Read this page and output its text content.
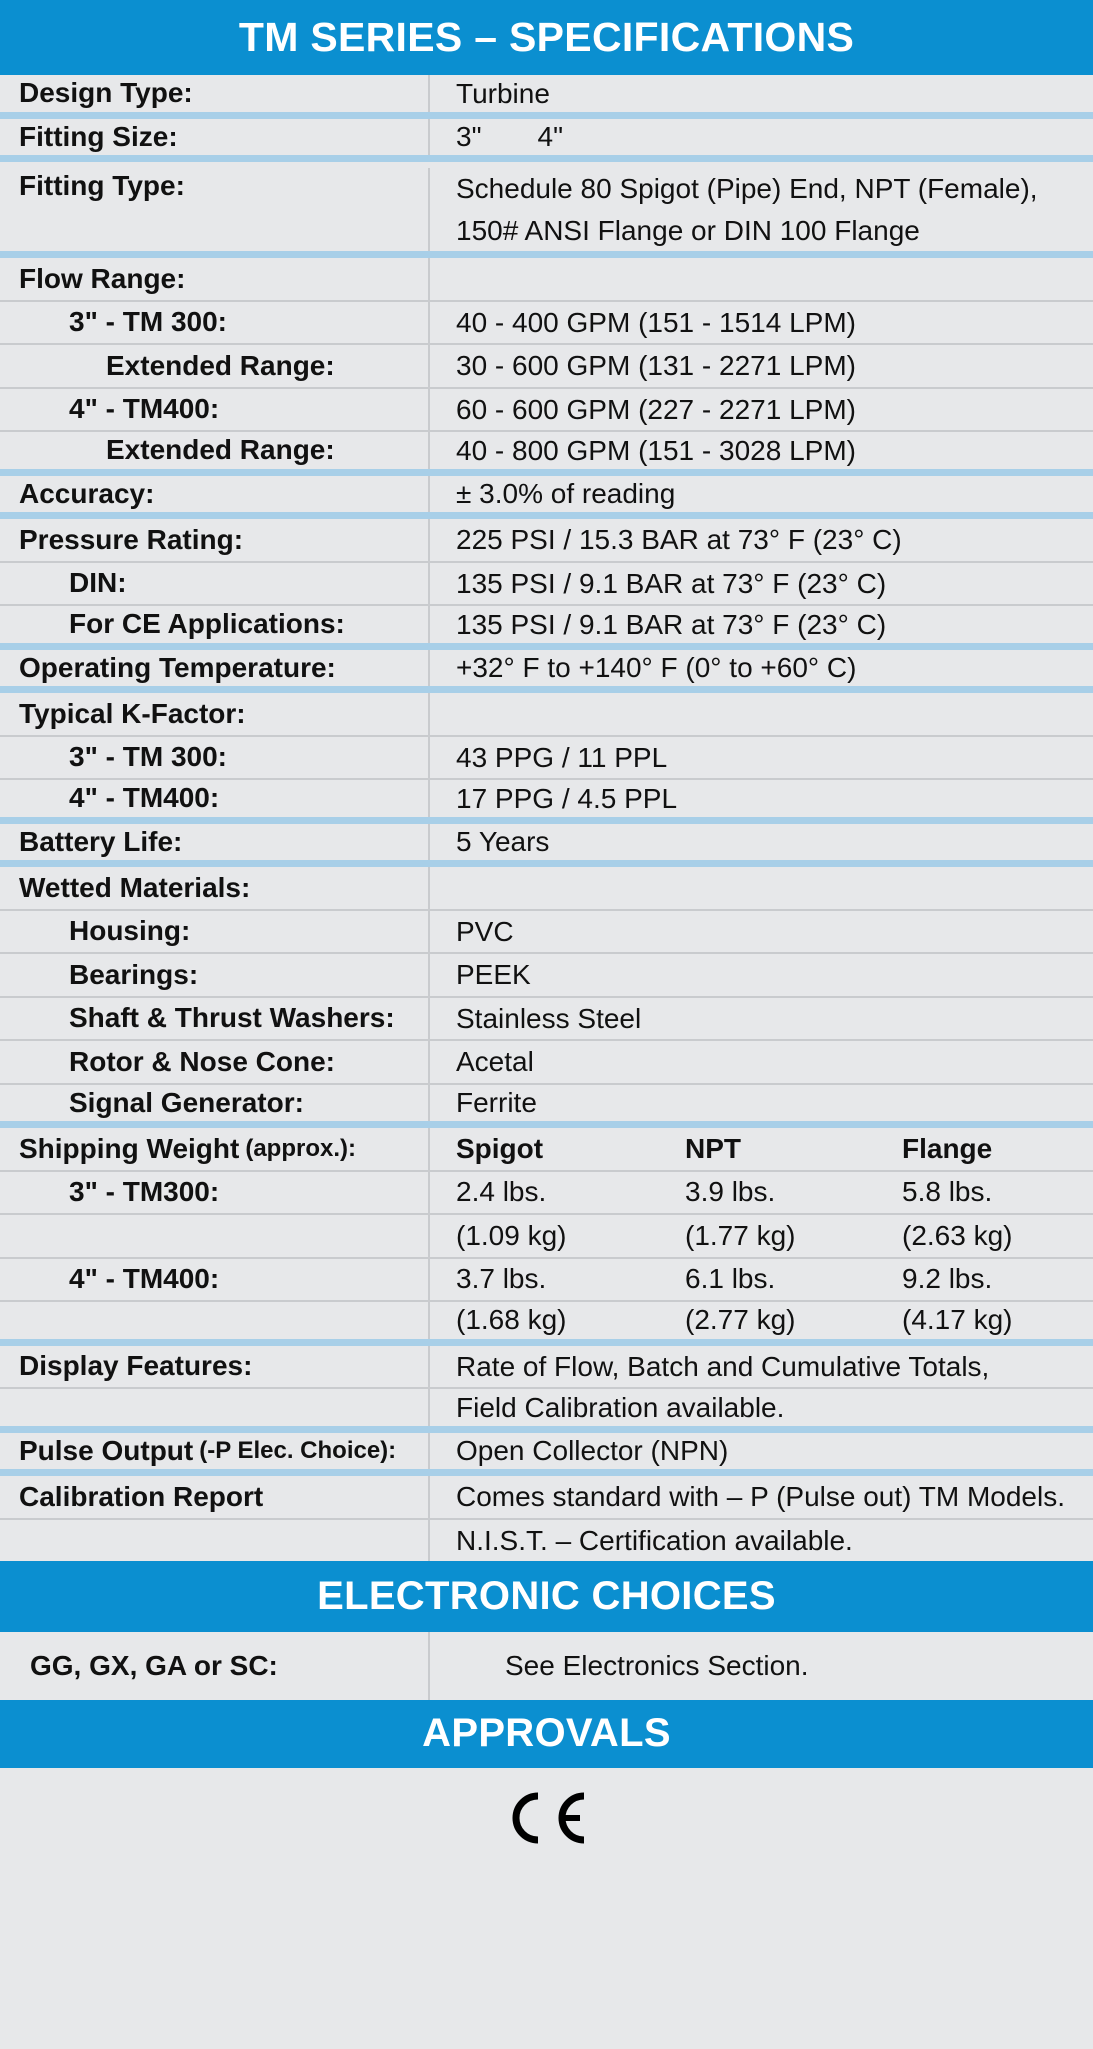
TM SERIES – SPECIFICATIONS
Design Type:	Turbine
Fitting Size:	3" 4"
Fitting Type:	Schedule 80 Spigot (Pipe) End, NPT (Female),
150# ANSI Flange or DIN 100 Flange
Flow Range:
3" - TM 300:	40 - 400 GPM (151 - 1514 LPM)
Extended Range:	30 - 600 GPM (131 - 2271 LPM)
4" - TM400:	60 - 600 GPM (227 - 2271 LPM)
Extended Range:	40 - 800 GPM (151 - 3028 LPM)
Accuracy:	± 3.0% of reading
Pressure Rating:	225 PSI / 15.3 BAR at 73° F (23° C)
DIN:	135 PSI / 9.1 BAR at 73° F (23° C)
For CE Applications:	135 PSI / 9.1 BAR at 73° F (23° C)
Operating Temperature:	+32° F to +140° F (0° to +60° C)
Typical K-Factor:
3" - TM 300:	43 PPG / 11 PPL
4" - TM400:	17 PPG / 4.5 PPL
Battery Life:	5 Years
Wetted Materials:
Housing:	PVC
Bearings:	PEEK
Shaft & Thrust Washers:	Stainless Steel
Rotor & Nose Cone:	Acetal
Signal Generator:	Ferrite
Shipping Weight (approx.):	Spigot	NPT	Flange
3" - TM300:	2.4 lbs.	3.9 lbs.	5.8 lbs.
(1.09 kg)	(1.77 kg)	(2.63 kg)
4" - TM400:	3.7 lbs.	6.1 lbs.	9.2 lbs.
(1.68 kg)	(2.77 kg)	(4.17 kg)
Display Features:	Rate of Flow, Batch and Cumulative Totals,
Field Calibration available.
Pulse Output (-P Elec. Choice):	Open Collector (NPN)
Calibration Report	Comes standard with – P (Pulse out) TM Models.
N.I.S.T. – Certification available.
ELECTRONIC CHOICES
GG, GX, GA or SC:	See Electronics Section.
APPROVALS
